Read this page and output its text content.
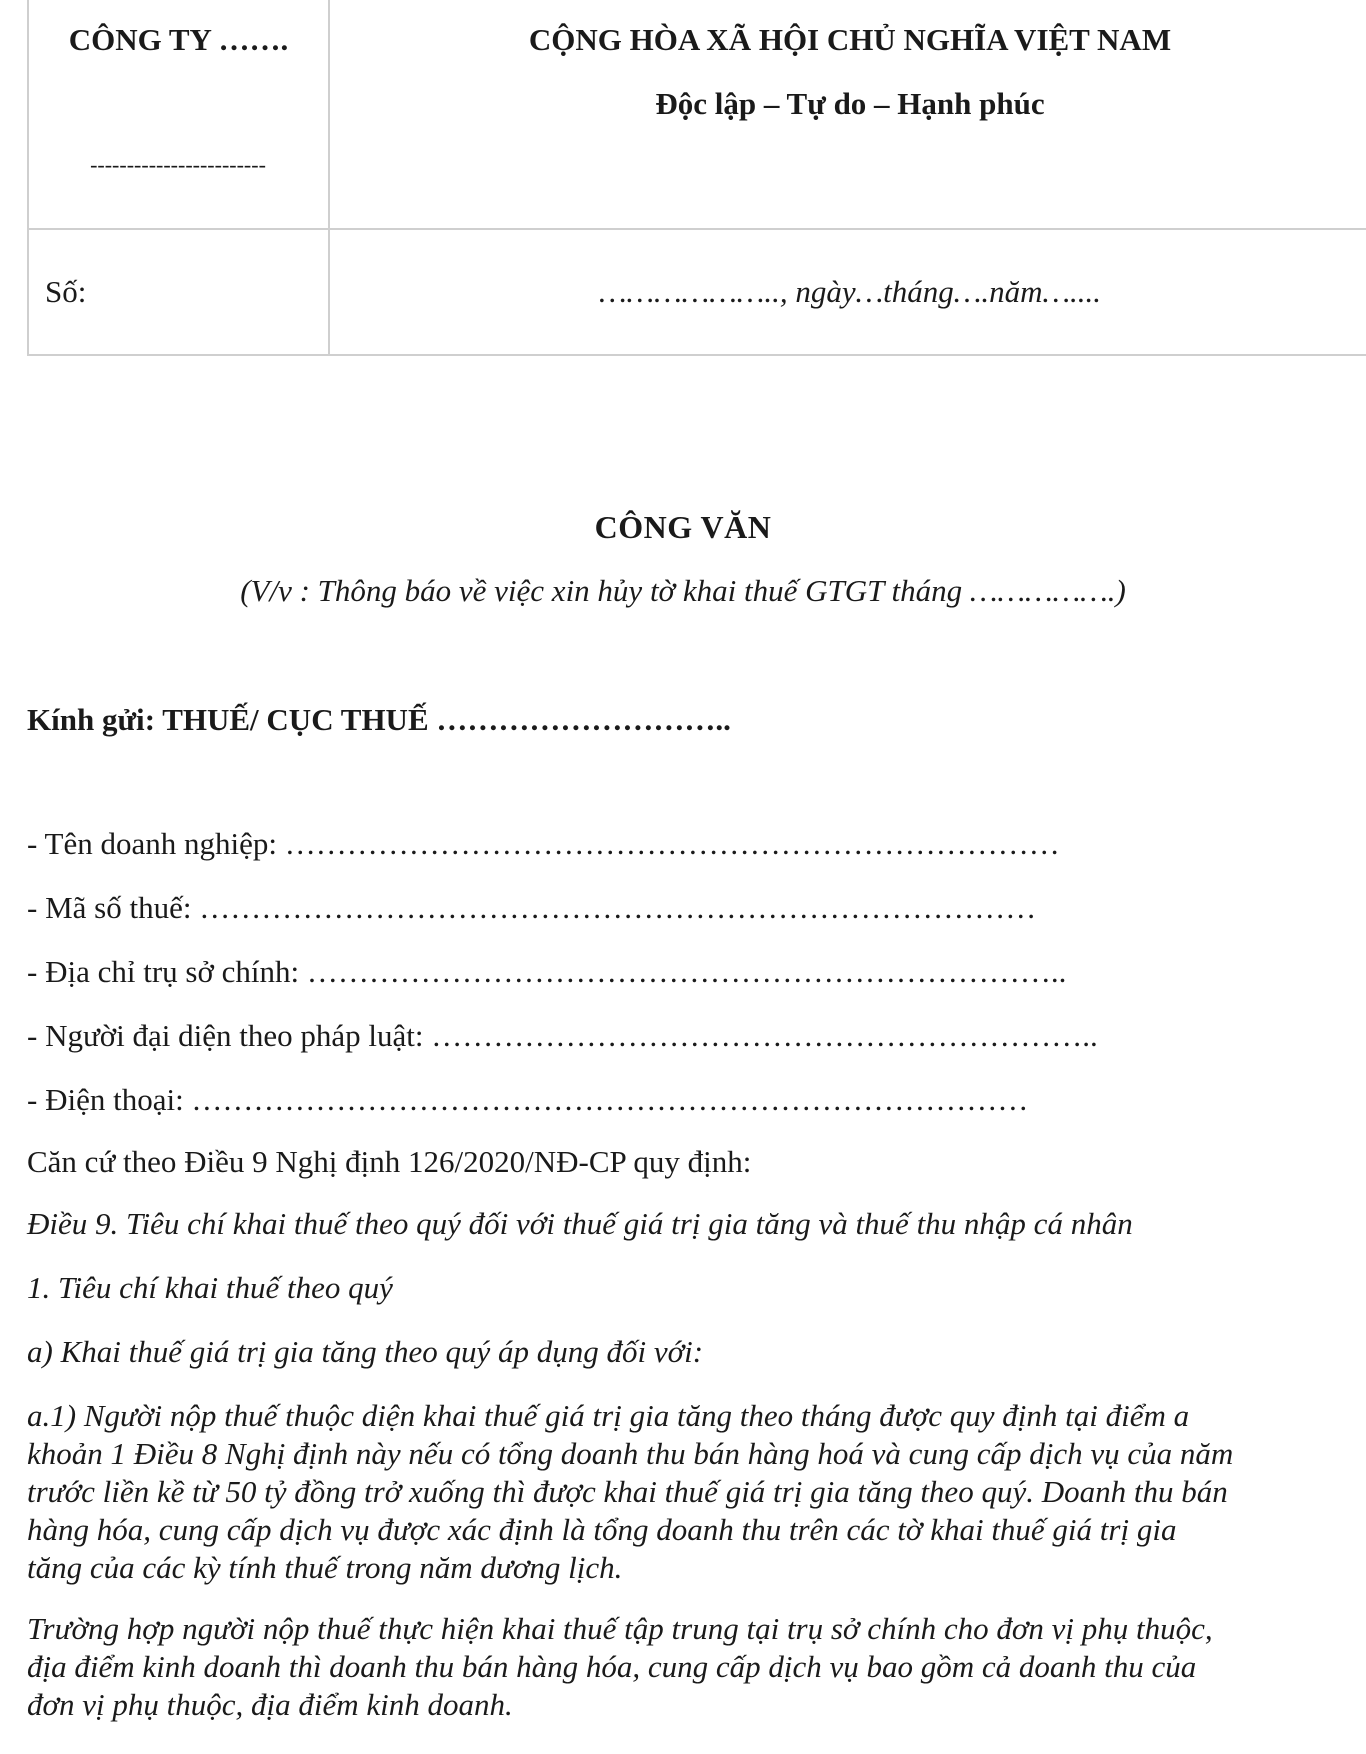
CÔNG TY …….
------------------------
CỘNG HÒA XÃ HỘI CHỦ NGHĨA VIỆT NAM
Độc lập – Tự do – Hạnh phúc
Số:	……………….., ngày…tháng….năm…....
CÔNG VĂN
(V/v : Thông báo về việc xin hủy tờ khai thuế GTGT tháng …………….)
Kính gửi: THUẾ/ CỤC THUẾ ………………………..
- Tên doanh nghiệp: …………………………………………………………………
- Mã số thuế: ………………………………………………………………………
- Địa chỉ trụ sở chính: ………………………………………………………………..
- Người đại diện theo pháp luật: ………………………………………………………..
- Điện thoại: ………………………………………………………………………
Căn cứ theo Điều 9 Nghị định 126/2020/NĐ-CP quy định:
Điều 9. Tiêu chí khai thuế theo quý đối với thuế giá trị gia tăng và thuế thu nhập cá nhân
1. Tiêu chí khai thuế theo quý
a) Khai thuế giá trị gia tăng theo quý áp dụng đối với:
a.1) Người nộp thuế thuộc diện khai thuế giá trị gia tăng theo tháng được quy định tại điểm a
khoản 1 Điều 8 Nghị định này nếu có tổng doanh thu bán hàng hoá và cung cấp dịch vụ của năm
trước liền kề từ 50 tỷ đồng trở xuống thì được khai thuế giá trị gia tăng theo quý. Doanh thu bán
hàng hóa, cung cấp dịch vụ được xác định là tổng doanh thu trên các tờ khai thuế giá trị gia
tăng của các kỳ tính thuế trong năm dương lịch.
Trường hợp người nộp thuế thực hiện khai thuế tập trung tại trụ sở chính cho đơn vị phụ thuộc,
địa điểm kinh doanh thì doanh thu bán hàng hóa, cung cấp dịch vụ bao gồm cả doanh thu của
đơn vị phụ thuộc, địa điểm kinh doanh.
